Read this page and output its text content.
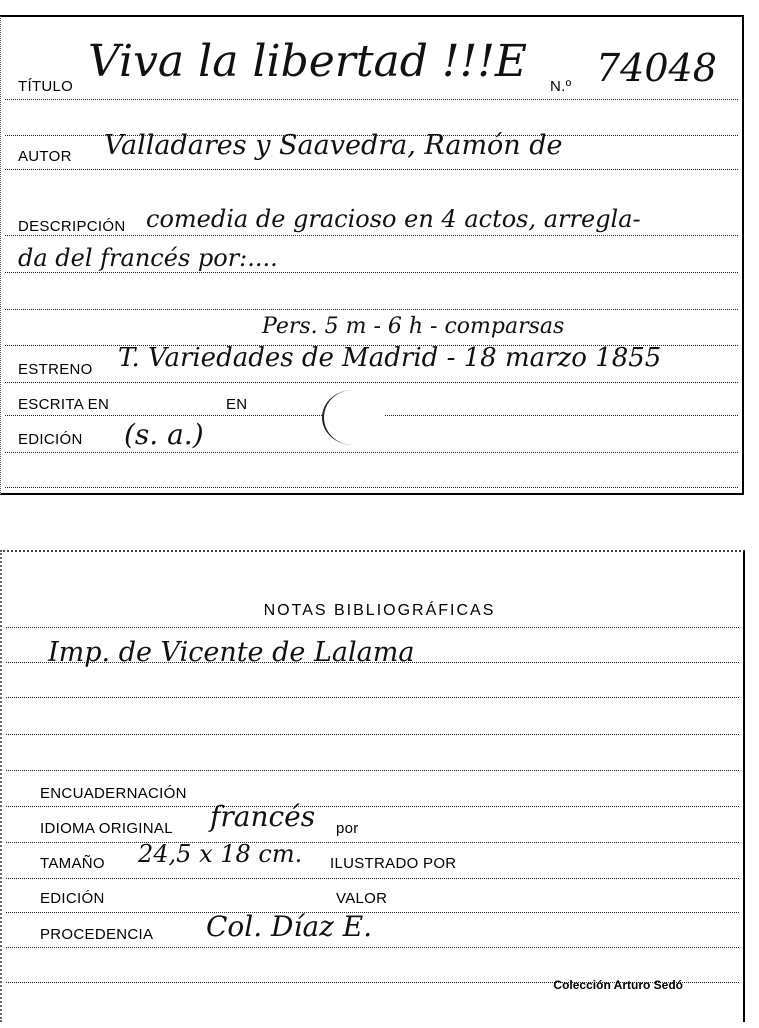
TÍTULO Viva la libertad !!!E N.º 74048
AUTOR Valladares y Saavedra, Ramón de
DESCRIPCIÓN comedia de gracioso en 4 actos, arregla-
da del francés por:....
Pers. 5 m - 6 h - comparsas
ESTRENO T. Variedades de Madrid - 18 marzo 1855
ESCRITA EN	EN
EDICIÓN (s. a.)
NOTAS BIBLIOGRÁFICAS
Imp. de Vicente de Lalama
ENCUADERNACIÓN
IDIOMA ORIGINAL francés por
TAMAÑO 24,5 x 18 cm. ILUSTRADO POR
EDICIÓN	VALOR
PROCEDENCIA Col. Díaz E.
Colección Arturo Sedó
